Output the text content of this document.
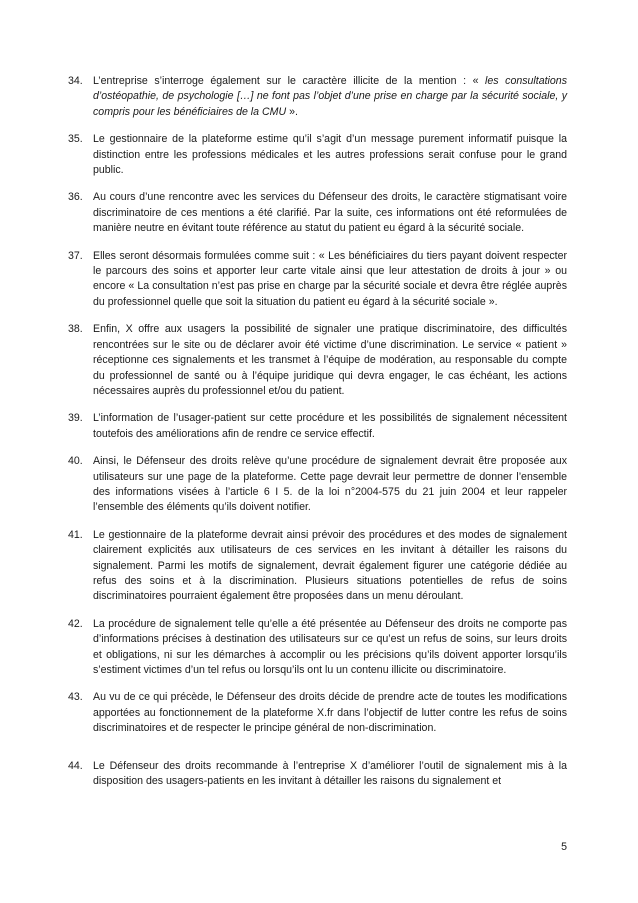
34. L’entreprise s’interroge également sur le caractère illicite de la mention : « les consultations d’ostéopathie, de psychologie […] ne font pas l’objet d’une prise en charge par la sécurité sociale, y compris pour les bénéficiaires de la CMU ».

35. Le gestionnaire de la plateforme estime qu’il s’agit d’un message purement informatif puisque la distinction entre les professions médicales et les autres professions serait confuse pour le grand public.

36. Au cours d’une rencontre avec les services du Défenseur des droits, le caractère stigmatisant voire discriminatoire de ces mentions a été clarifié. Par la suite, ces informations ont été reformulées de manière neutre en évitant toute référence au statut du patient eu égard à la sécurité sociale.

37. Elles seront désormais formulées comme suit : « Les bénéficiaires du tiers payant doivent respecter le parcours des soins et apporter leur carte vitale ainsi que leur attestation de droits à jour » ou encore « La consultation n’est pas prise en charge par la sécurité sociale et devra être réglée auprès du professionnel quelle que soit la situation du patient eu égard à la sécurité sociale ».

38. Enfin, X offre aux usagers la possibilité de signaler une pratique discriminatoire, des difficultés rencontrées sur le site ou de déclarer avoir été victime d’une discrimination. Le service « patient » réceptionne ces signalements et les transmet à l’équipe de modération, au responsable du compte du professionnel de santé ou à l’équipe juridique qui devra engager, le cas échéant, les actions nécessaires auprès du professionnel et/ou du patient.

39. L’information de l’usager-patient sur cette procédure et les possibilités de signalement nécessitent toutefois des améliorations afin de rendre ce service effectif.

40. Ainsi, le Défenseur des droits relève qu’une procédure de signalement devrait être proposée aux utilisateurs sur une page de la plateforme. Cette page devrait leur permettre de donner l’ensemble des informations visées à l’article 6 I 5. de la loi n°2004-575 du 21 juin 2004 et leur rappeler l’ensemble des éléments qu’ils doivent notifier.

41. Le gestionnaire de la plateforme devrait ainsi prévoir des procédures et des modes de signalement clairement explicités aux utilisateurs de ces services en les invitant à détailler les raisons du signalement. Parmi les motifs de signalement, devrait également figurer une catégorie dédiée au refus des soins et à la discrimination. Plusieurs situations potentielles de refus de soins discriminatoires pourraient également être proposées dans un menu déroulant.

42. La procédure de signalement telle qu’elle a été présentée au Défenseur des droits ne comporte pas d’informations précises à destination des utilisateurs sur ce qu’est un refus de soins, sur leurs droits et obligations, ni sur les démarches à accomplir ou les précisions qu’ils doivent apporter lorsqu’ils s’estiment victimes d’un tel refus ou lorsqu’ils ont lu un contenu illicite ou discriminatoire.

43. Au vu de ce qui précède, le Défenseur des droits décide de prendre acte de toutes les modifications apportées au fonctionnement de la plateforme X.fr dans l’objectif de lutter contre les refus de soins discriminatoires et de respecter le principe général de non-discrimination.

44. Le Défenseur des droits recommande à l’entreprise X d’améliorer l’outil de signalement mis à la disposition des usagers-patients en les invitant à détailler les raisons du signalement et

5
